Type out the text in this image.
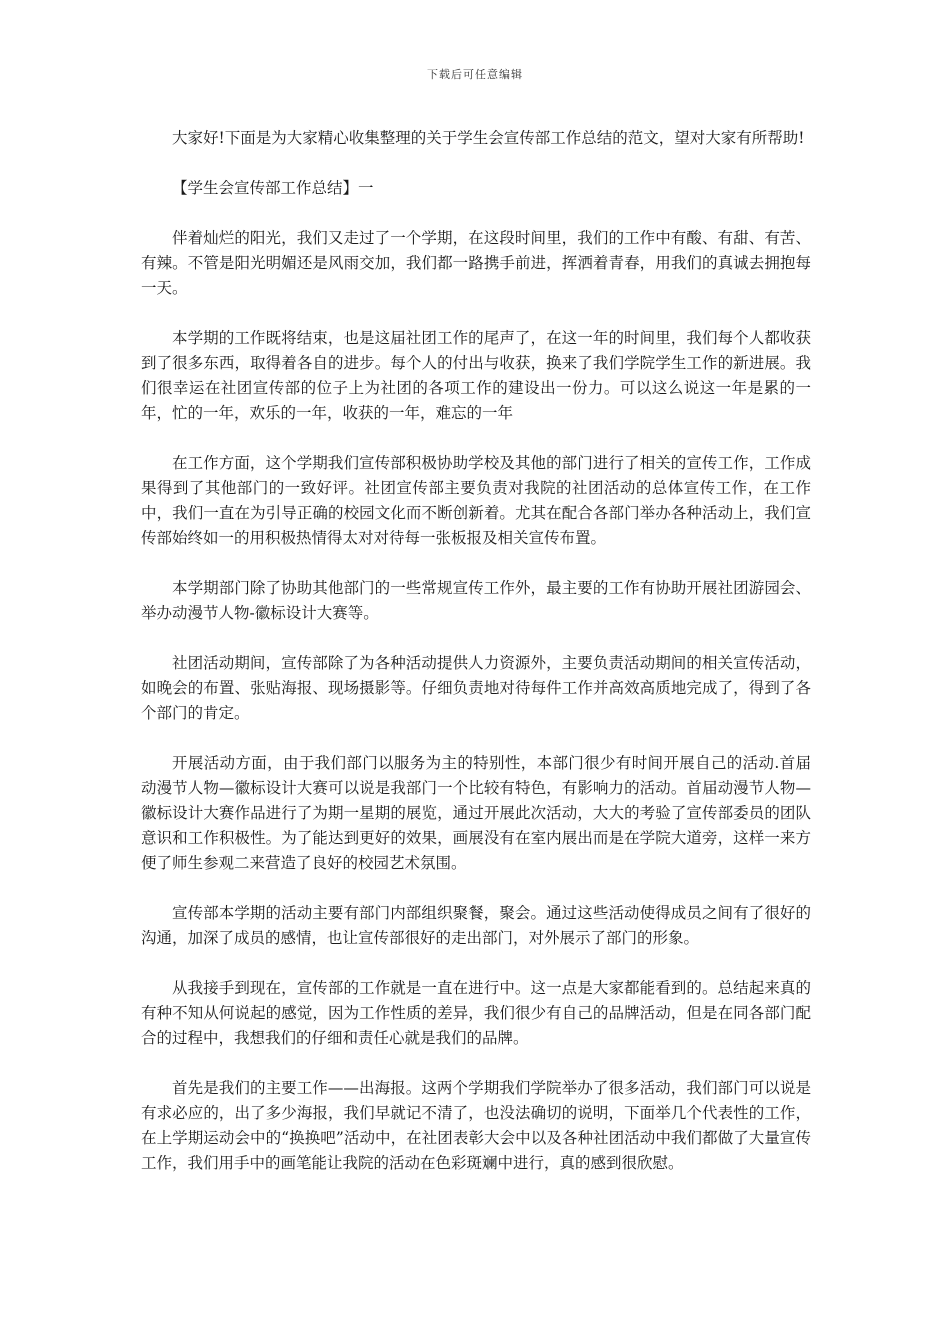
下载后可任意编辑

大家好!下面是为大家精心收集整理的关于学生会宣传部工作总结的范文，望对大家有所帮助!

【学生会宣传部工作总结】一

伴着灿烂的阳光，我们又走过了一个学期，在这段时间里，我们的工作中有酸、有甜、有苦、有辣。不管是阳光明媚还是风雨交加，我们都一路携手前进，挥洒着青春，用我们的真诚去拥抱每一天。

本学期的工作既将结束，也是这届社团工作的尾声了，在这一年的时间里，我们每个人都收获到了很多东西，取得着各自的进步。每个人的付出与收获，换来了我们学院学生工作的新进展。我们很幸运在社团宣传部的位子上为社团的各项工作的建设出一份力。可以这么说这一年是累的一年，忙的一年，欢乐的一年，收获的一年，难忘的一年

在工作方面，这个学期我们宣传部积极协助学校及其他的部门进行了相关的宣传工作，工作成果得到了其他部门的一致好评。社团宣传部主要负责对我院的社团活动的总体宣传工作，在工作中，我们一直在为引导正确的校园文化而不断创新着。尤其在配合各部门举办各种活动上，我们宣传部始终如一的用积极热情得太对对待每一张板报及相关宣传布置。

本学期部门除了协助其他部门的一些常规宣传工作外，最主要的工作有协助开展社团游园会、举办动漫节人物-徽标设计大赛等。

社团活动期间，宣传部除了为各种活动提供人力资源外，主要负责活动期间的相关宣传活动，如晚会的布置、张贴海报、现场摄影等。仔细负责地对待每件工作并高效高质地完成了，得到了各个部门的肯定。

开展活动方面，由于我们部门以服务为主的特别性，本部门很少有时间开展自己的活动.首届动漫节人物—徽标设计大赛可以说是我部门一个比较有特色，有影响力的活动。首届动漫节人物—徽标设计大赛作品进行了为期一星期的展览，通过开展此次活动，大大的考验了宣传部委员的团队意识和工作积极性。为了能达到更好的效果，画展没有在室内展出而是在学院大道旁，这样一来方便了师生参观二来营造了良好的校园艺术氛围。

宣传部本学期的活动主要有部门内部组织聚餐，聚会。通过这些活动使得成员之间有了很好的沟通，加深了成员的感情，也让宣传部很好的走出部门，对外展示了部门的形象。

从我接手到现在，宣传部的工作就是一直在进行中。这一点是大家都能看到的。总结起来真的有种不知从何说起的感觉，因为工作性质的差异，我们很少有自己的品牌活动，但是在同各部门配合的过程中，我想我们的仔细和责任心就是我们的品牌。

首先是我们的主要工作——出海报。这两个学期我们学院举办了很多活动，我们部门可以说是有求必应的，出了多少海报，我们早就记不清了，也没法确切的说明，下面举几个代表性的工作，在上学期运动会中的“换换吧”活动中，在社团表彰大会中以及各种社团活动中我们都做了大量宣传工作，我们用手中的画笔能让我院的活动在色彩斑斓中进行，真的感到很欣慰。
